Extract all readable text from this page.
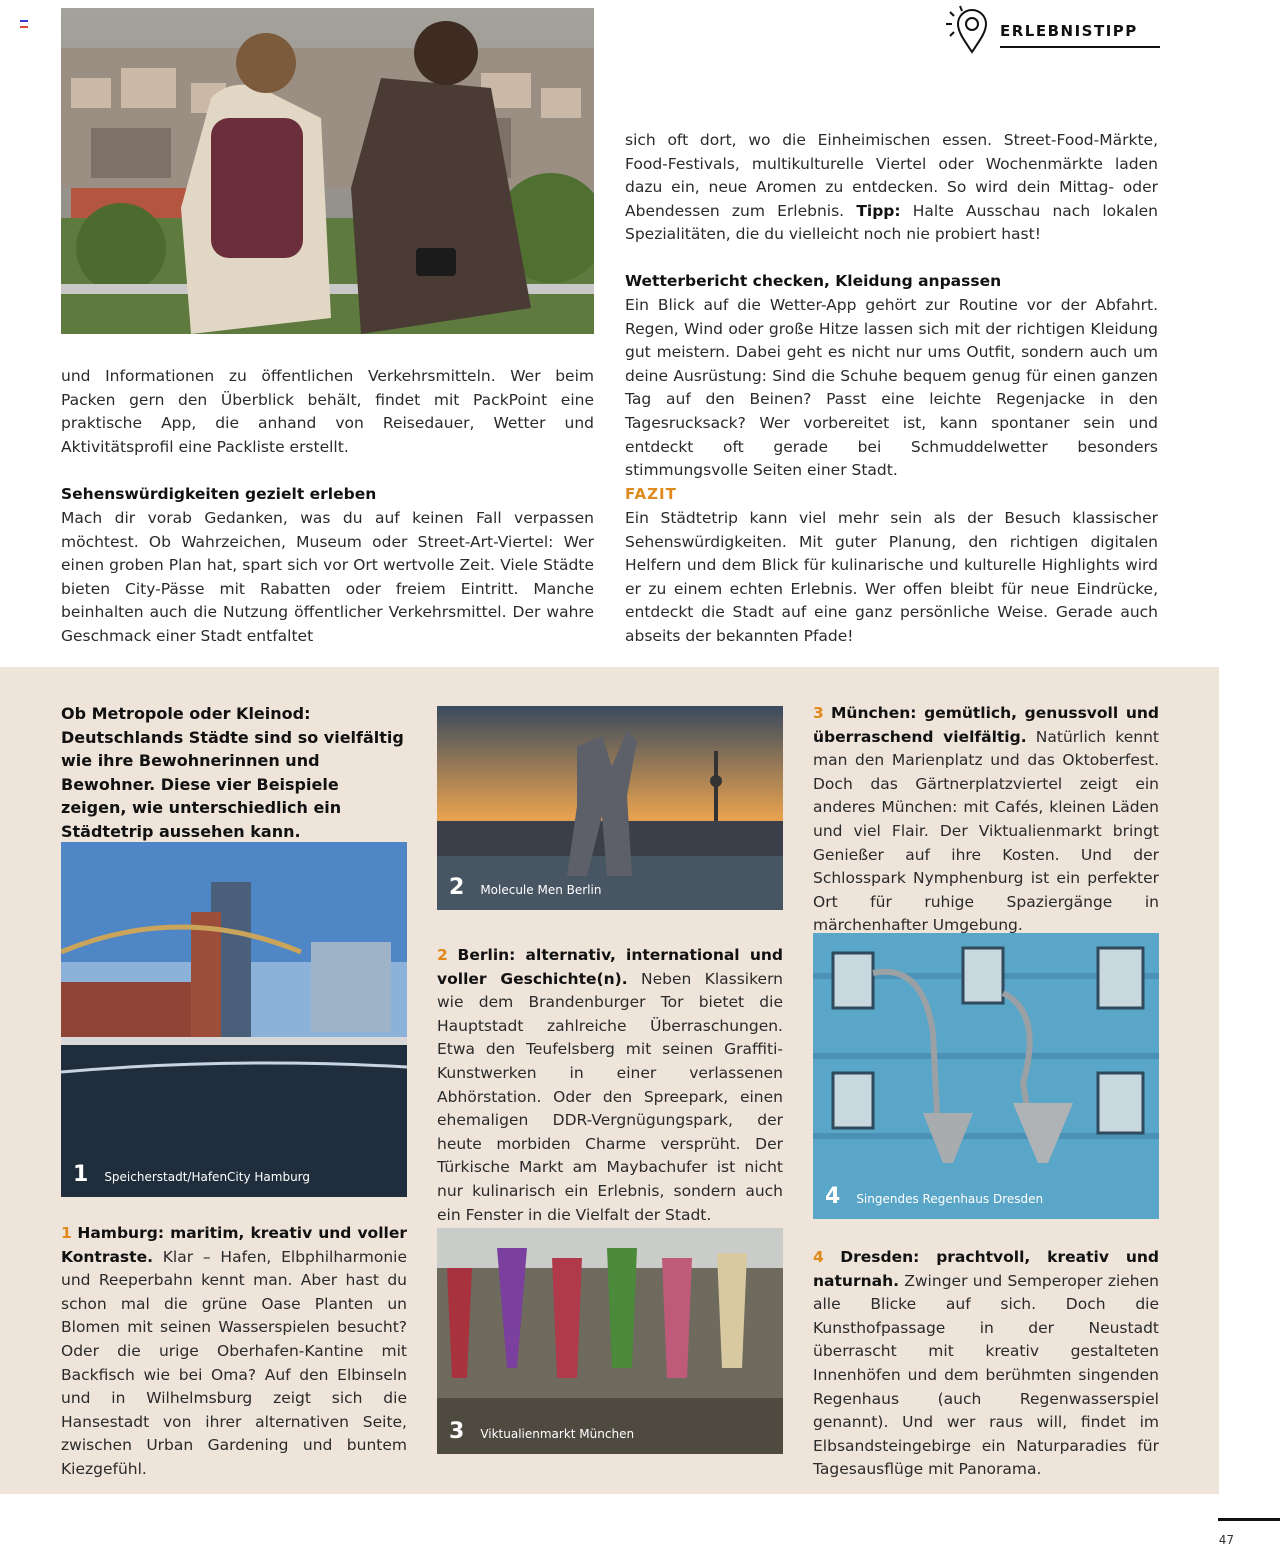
ERLEBNISTIPP
und Informationen zu öffentlichen Verkehrsmitteln. Wer beim Packen gern den Überblick behält, findet mit PackPoint eine praktische App, die anhand von Reisedauer, Wetter und Aktivitätsprofil eine Packliste erstellt.
Sehenswürdigkeiten gezielt erleben
Mach dir vorab Gedanken, was du auf keinen Fall verpassen möchtest. Ob Wahrzeichen, Museum oder Street-Art-Viertel: Wer einen groben Plan hat, spart sich vor Ort wertvolle Zeit. Viele Städte bieten City-Pässe mit Rabatten oder freiem Eintritt. Manche beinhalten auch die Nutzung öffentlicher Verkehrsmittel. Der wahre Geschmack einer Stadt entfaltet
sich oft dort, wo die Einheimischen essen. Street-Food-Märkte, Food-Festivals, multikulturelle Viertel oder Wochenmärkte laden dazu ein, neue Aromen zu entdecken. So wird dein Mittag- oder Abendessen zum Erlebnis. Tipp: Halte Ausschau nach lokalen Spezialitäten, die du vielleicht noch nie probiert hast!
Wetterbericht checken, Kleidung anpassen
Ein Blick auf die Wetter-App gehört zur Routine vor der Abfahrt. Regen, Wind oder große Hitze lassen sich mit der richtigen Kleidung gut meistern. Dabei geht es nicht nur ums Outfit, sondern auch um deine Ausrüstung: Sind die Schuhe bequem genug für einen ganzen Tag auf den Beinen? Passt eine leichte Regenjacke in den Tagesrucksack? Wer vorbereitet ist, kann spontaner sein und entdeckt oft gerade bei Schmuddelwetter besonders stimmungsvolle Seiten einer Stadt.
FAZIT
Ein Städtetrip kann viel mehr sein als der Besuch klassischer Sehenswürdigkeiten. Mit guter Planung, den richtigen digitalen Helfern und dem Blick für kulinarische und kulturelle Highlights wird er zu einem echten Erlebnis. Wer offen bleibt für neue Eindrücke, entdeckt die Stadt auf eine ganz persönliche Weise. Gerade auch abseits der bekannten Pfade!
Ob Metropole oder Kleinod: Deutschlands Städte sind so vielfältig wie ihre Bewohnerinnen und Bewohner. Diese vier Beispiele zeigen, wie unterschiedlich ein Städtetrip aussehen kann.
1 Speicherstadt/HafenCity Hamburg
2 Molecule Men Berlin
3 Viktualienmarkt München
4 Singendes Regenhaus Dresden
1 Hamburg: maritim, kreativ und voller Kontraste. Klar – Hafen, Elbphilharmonie und Reeperbahn kennt man. Aber hast du schon mal die grüne Oase Planten un Blomen mit seinen Wasserspielen besucht? Oder die urige Oberhafen-Kantine mit Backfisch wie bei Oma? Auf den Elbinseln und in Wilhelmsburg zeigt sich die Hansestadt von ihrer alternativen Seite, zwischen Urban Gardening und buntem Kiezgefühl.
2 Berlin: alternativ, international und voller Geschichte(n). Neben Klassikern wie dem Brandenburger Tor bietet die Hauptstadt zahlreiche Überraschungen. Etwa den Teufelsberg mit seinen Graffiti-Kunstwerken in einer verlassenen Abhörstation. Oder den Spreepark, einen ehemaligen DDR-Vergnügungspark, der heute morbiden Charme versprüht. Der Türkische Markt am Maybachufer ist nicht nur kulinarisch ein Erlebnis, sondern auch ein Fenster in die Vielfalt der Stadt.
3 München: gemütlich, genussvoll und überraschend vielfältig. Natürlich kennt man den Marienplatz und das Oktoberfest. Doch das Gärtnerplatzviertel zeigt ein anderes München: mit Cafés, kleinen Läden und viel Flair. Der Viktualienmarkt bringt Genießer auf ihre Kosten. Und der Schlosspark Nymphenburg ist ein perfekter Ort für ruhige Spaziergänge in märchenhafter Umgebung.
4 Dresden: prachtvoll, kreativ und naturnah. Zwinger und Semperoper ziehen alle Blicke auf sich. Doch die Kunsthofpassage in der Neustadt überrascht mit kreativ gestalteten Innenhöfen und dem berühmten singenden Regenhaus (auch Regenwasserspiel genannt). Und wer raus will, findet im Elbsandsteingebirge ein Naturparadies für Tagesausflüge mit Panorama.
47
